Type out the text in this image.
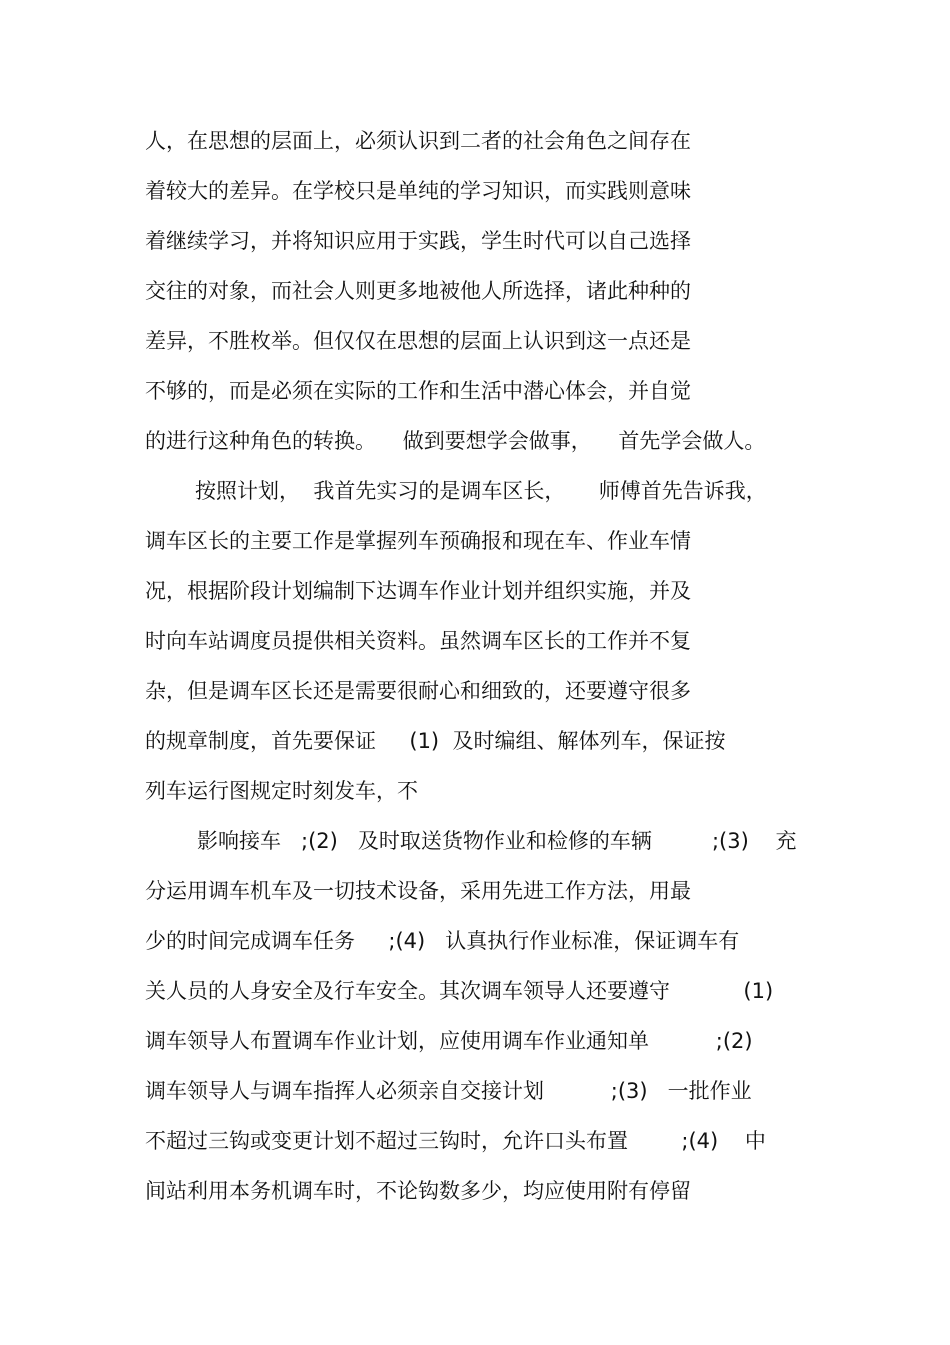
人，在思想的层面上，必须认识到二者的社会角色之间存在
着较大的差异。在学校只是单纯的学习知识，而实践则意味
着继续学习，并将知识应用于实践，学生时代可以自己选择
交往的对象，而社会人则更多地被他人所选择，诸此种种的
差异，不胜枚举。但仅仅在思想的层面上认识到这一点还是
不够的，而是必须在实际的工作和生活中潜心体会，并自觉
的进行这种角色的转换。    做到要想学会做事，    首先学会做人。
按照计划，  我首先实习的是调车区长，     师傅首先告诉我，
调车区长的主要工作是掌握列车预确报和现在车、作业车情
况，根据阶段计划编制下达调车作业计划并组织实施，并及
时向车站调度员提供相关资料。虽然调车区长的工作并不复
杂，但是调车区长还是需要很耐心和细致的，还要遵守很多
的规章制度，首先要保证     (1)  及时编组、解体列车，保证按
列车运行图规定时刻发车，不
影响接车   ;(2)   及时取送货物作业和检修的车辆         ;(3)    充
分运用调车机车及一切技术设备，采用先进工作方法，用最
少的时间完成调车任务     ;(4)   认真执行作业标准，保证调车有
关人员的人身安全及行车安全。其次调车领导人还要遵守           (1)
调车领导人布置调车作业计划，应使用调车作业通知单          ;(2)
调车领导人与调车指挥人必须亲自交接计划          ;(3)   一批作业
不超过三钩或变更计划不超过三钩时，允许口头布置        ;(4)    中
间站利用本务机调车时，不论钩数多少，均应使用附有停留
